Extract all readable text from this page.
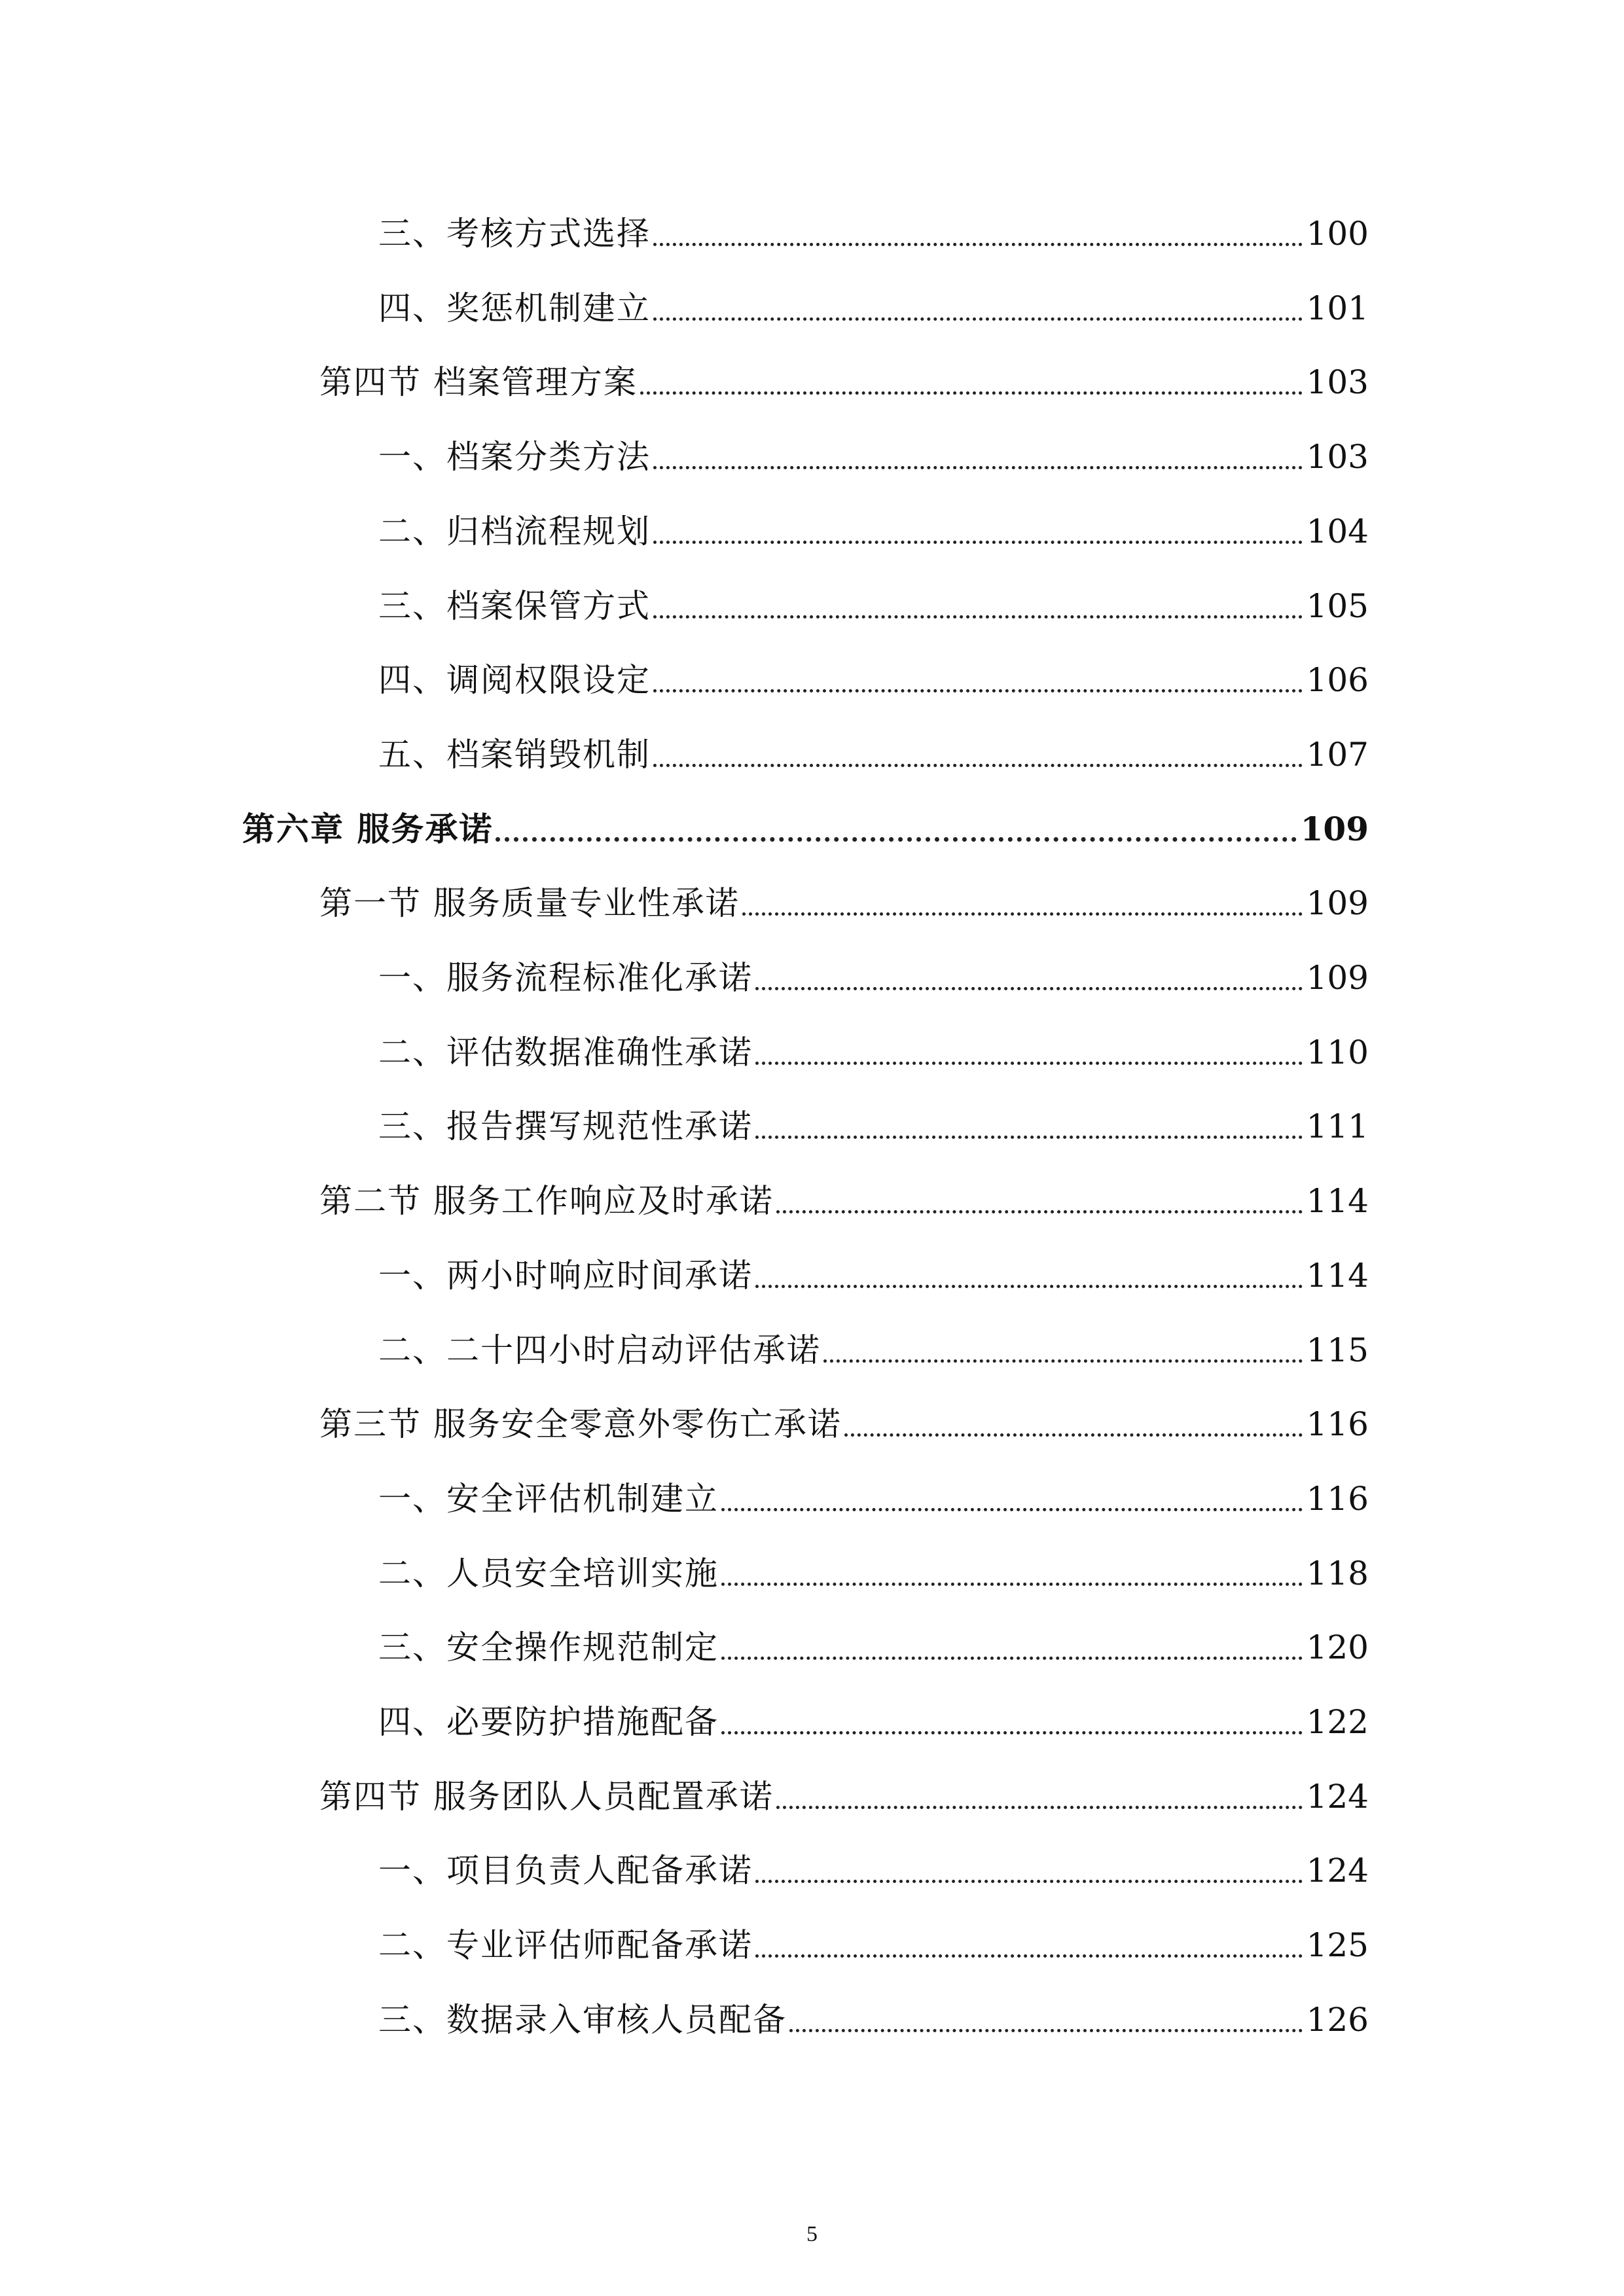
三、考核方式选择	100
四、奖惩机制建立	101
第四节 档案管理方案	103
一、档案分类方法	103
二、归档流程规划	104
三、档案保管方式	105
四、调阅权限设定	106
五、档案销毁机制	107
第六章 服务承诺	109
第一节 服务质量专业性承诺	109
一、服务流程标准化承诺	109
二、评估数据准确性承诺	110
三、报告撰写规范性承诺	111
第二节 服务工作响应及时承诺	114
一、两小时响应时间承诺	114
二、二十四小时启动评估承诺	115
第三节 服务安全零意外零伤亡承诺	116
一、安全评估机制建立	116
二、人员安全培训实施	118
三、安全操作规范制定	120
四、必要防护措施配备	122
第四节 服务团队人员配置承诺	124
一、项目负责人配备承诺	124
二、专业评估师配备承诺	125
三、数据录入审核人员配备	126
5
